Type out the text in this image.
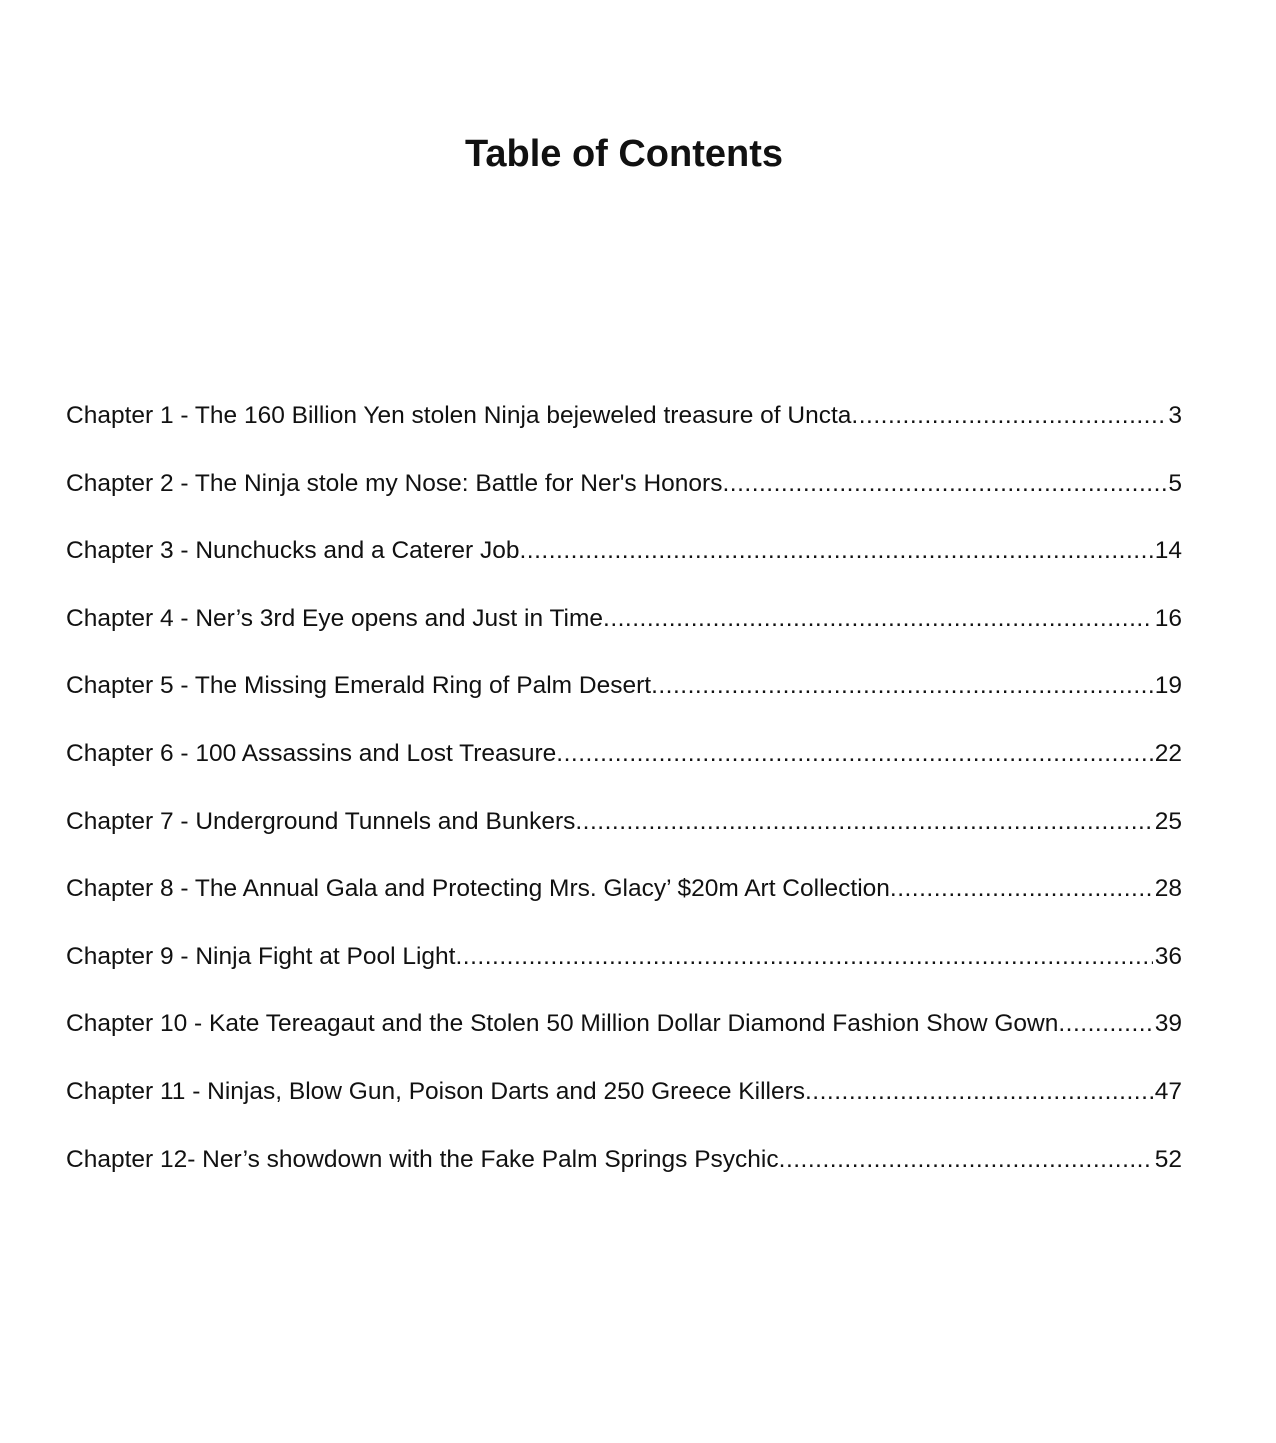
Table of Contents
Chapter 1 - The 160 Billion Yen stolen Ninja bejeweled treasure of Uncta .....	3
Chapter 2 - The Ninja stole my Nose: Battle for Ner's Honors .....	5
Chapter 3 - Nunchucks and a Caterer Job .....	14
Chapter 4 - Ner’s 3rd Eye opens and Just in Time .....	16
Chapter 5 - The Missing Emerald Ring of Palm Desert .....	19
Chapter 6 - 100 Assassins and Lost Treasure .....	22
Chapter 7 - Underground Tunnels and Bunkers .....	25
Chapter 8 - The Annual Gala and Protecting Mrs. Glacy’ $20m Art Collection .....	28
Chapter 9 - Ninja Fight at Pool Light .....	36
Chapter 10 - Kate Tereagaut and the Stolen 50 Million Dollar Diamond Fashion Show Gown .....	39
Chapter 11 - Ninjas, Blow Gun, Poison Darts and 250 Greece Killers .....	47
Chapter 12- Ner’s showdown with the Fake Palm Springs Psychic .....	52
